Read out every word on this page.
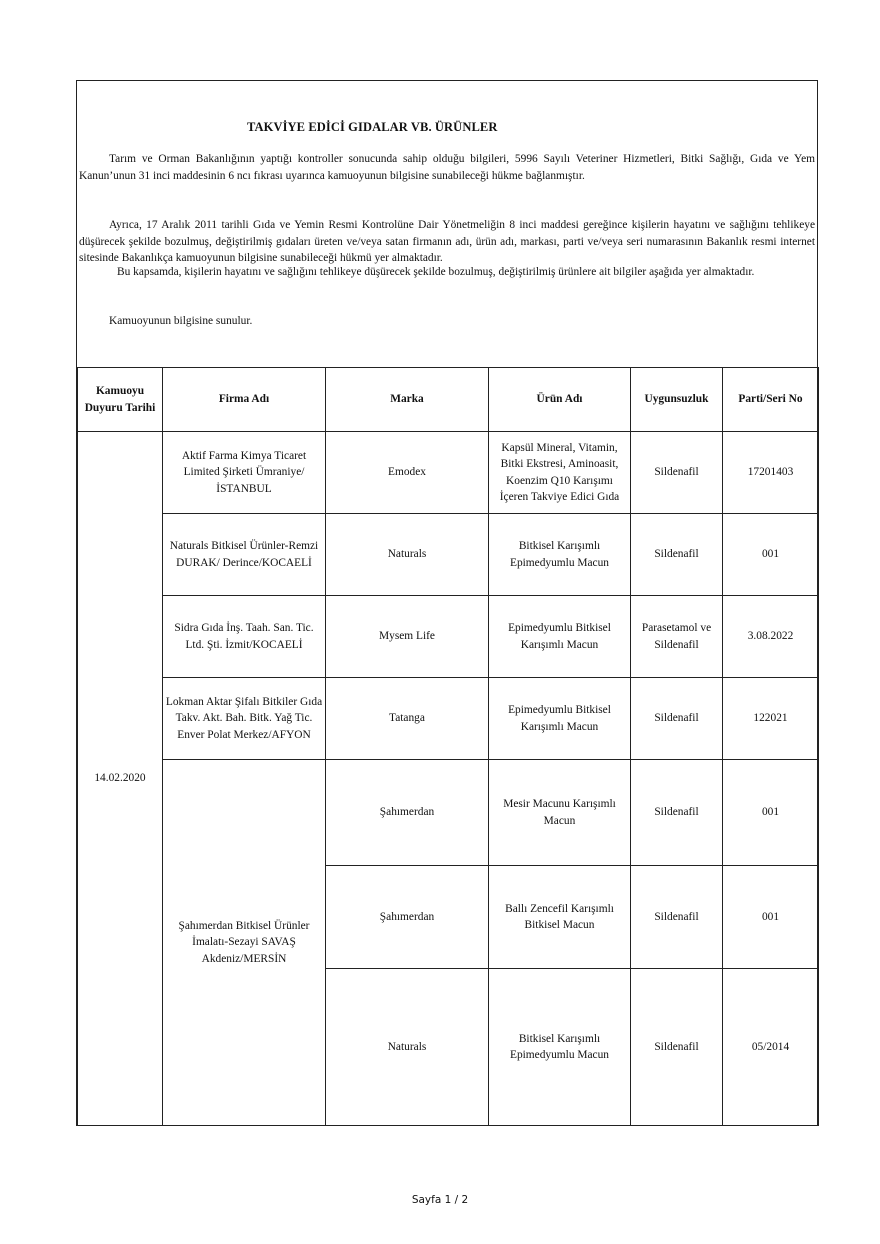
TAKVİYE EDİCİ GIDALAR VB. ÜRÜNLER
Tarım ve Orman Bakanlığının yaptığı kontroller sonucunda sahip olduğu bilgileri, 5996 Sayılı Veteriner Hizmetleri, Bitki Sağlığı, Gıda ve Yem Kanun’unun 31 inci maddesinin 6 ncı fıkrası uyarınca kamuoyunun bilgisine sunabileceği hükme bağlanmıştır.
Ayrıca, 17 Aralık 2011 tarihli Gıda ve Yemin Resmi Kontrolüne Dair Yönetmeliğin 8 inci maddesi gereğince kişilerin hayatını ve sağlığını tehlikeye düşürecek şekilde bozulmuş, değiştirilmiş gıdaları üreten ve/veya satan firmanın adı, ürün adı, markası, parti ve/veya seri numarasının Bakanlık resmi internet sitesinde Bakanlıkça kamuoyunun bilgisine sunabileceği hükmü yer almaktadır.
Bu kapsamda, kişilerin hayatını ve sağlığını tehlikeye düşürecek şekilde bozulmuş, değiştirilmiş ürünlere ait bilgiler aşağıda yer almaktadır.
Kamuoyunun bilgisine sunulur.
Kamuoyu Duyuru Tarihi	Firma Adı	Marka	Ürün Adı	Uygunsuzluk	Parti/Seri No
14.02.2020	Aktif Farma Kimya Ticaret Limited Şirketi Ümraniye/İSTANBUL	Emodex	Kapsül Mineral, Vitamin, Bitki Ekstresi, Aminoasit, Koenzim Q10 Karışımı İçeren Takviye Edici Gıda	Sildenafil	17201403
	Naturals Bitkisel Ürünler-Remzi DURAK/ Derince/KOCAELİ	Naturals	Bitkisel Karışımlı Epimedyumlu Macun	Sildenafil	001
	Sidra Gıda İnş. Taah. San. Tic. Ltd. Şti. İzmit/KOCAELİ	Mysem Life	Epimedyumlu Bitkisel Karışımlı Macun	Parasetamol ve Sildenafil	3.08.2022
	Lokman Aktar Şifalı Bitkiler Gıda Takv. Akt. Bah. Bitk. Yağ Tic. Enver Polat Merkez/AFYON	Tatanga	Epimedyumlu Bitkisel Karışımlı Macun	Sildenafil	122021
	Şahımerdan Bitkisel Ürünler İmalatı-Sezayi SAVAŞ Akdeniz/MERSİN	Şahımerdan	Mesir Macunu Karışımlı Macun	Sildenafil	001
		Şahımerdan	Ballı Zencefil Karışımlı Bitkisel Macun	Sildenafil	001
		Naturals	Bitkisel Karışımlı Epimedyumlu Macun	Sildenafil	05/2014
Sayfa 1 / 2
